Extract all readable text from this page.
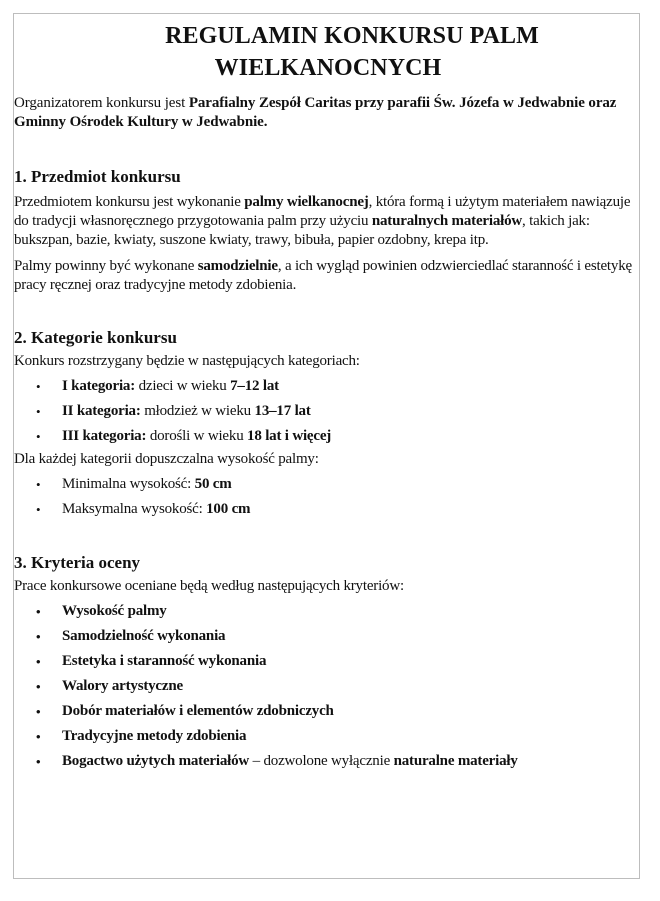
REGULAMIN KONKURSU PALM
WIELKANOCNYCH

Organizatorem konkursu jest Parafialny Zespół Caritas przy parafii Św. Józefa w Jedwabnie oraz Gminny Ośrodek Kultury w Jedwabnie.

1. Przedmiot konkursu

Przedmiotem konkursu jest wykonanie palmy wielkanocnej, która formą i użytym materiałem nawiązuje do tradycji własnoręcznego przygotowania palm przy użyciu naturalnych materiałów, takich jak: bukszpan, bazie, kwiaty, suszone kwiaty, trawy, bibuła, papier ozdobny, krepa itp.

Palmy powinny być wykonane samodzielnie, a ich wygląd powinien odzwierciedlać staranność i estetykę pracy ręcznej oraz tradycyjne metody zdobienia.

2. Kategorie konkursu

Konkurs rozstrzygany będzie w następujących kategoriach:

• I kategoria: dzieci w wieku 7–12 lat
• II kategoria: młodzież w wieku 13–17 lat
• III kategoria: dorośli w wieku 18 lat i więcej

Dla każdej kategorii dopuszczalna wysokość palmy:

• Minimalna wysokość: 50 cm
• Maksymalna wysokość: 100 cm
3. Kryteria oceny

Prace konkursowe oceniane będą według następujących kryteriów:

• Wysokość palmy
• Samodzielność wykonania
• Estetyka i staranność wykonania
• Walory artystyczne
• Dobór materiałów i elementów zdobniczych
• Tradycyjne metody zdobienia
• Bogactwo użytych materiałów – dozwolone wyłącznie naturalne materiały
